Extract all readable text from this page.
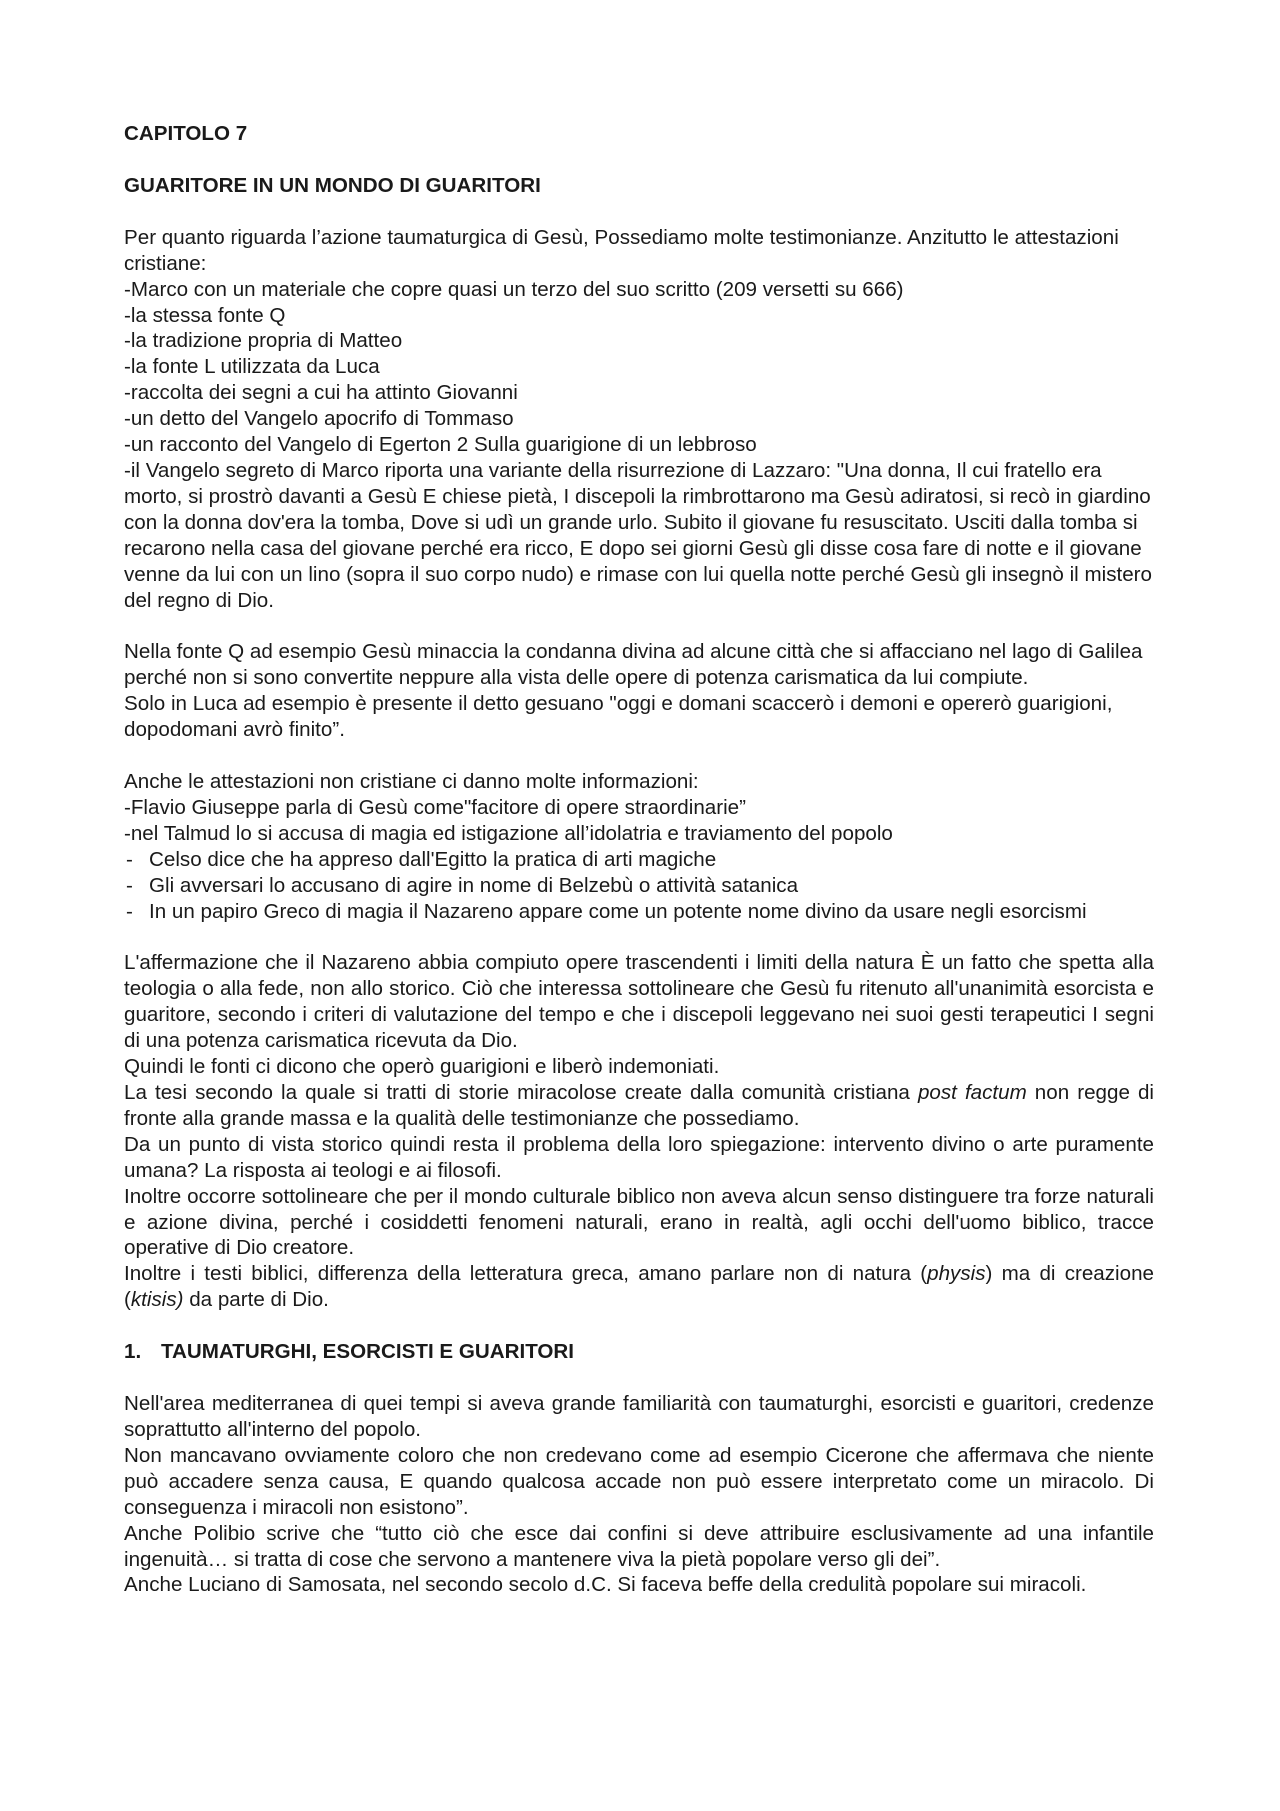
CAPITOLO 7

GUARITORE IN UN MONDO DI GUARITORI

Per quanto riguarda l’azione taumaturgica di Gesù, Possediamo molte testimonianze. Anzitutto le attestazioni cristiane:

-Marco con un materiale che copre quasi un terzo del suo scritto (209 versetti su 666)

-la stessa fonte Q

-la tradizione propria di Matteo

-la fonte L utilizzata da Luca

-raccolta dei segni a cui ha attinto Giovanni

-un detto del Vangelo apocrifo di Tommaso

-un racconto del Vangelo di Egerton 2 Sulla guarigione di un lebbroso

-il Vangelo segreto di Marco riporta una variante della risurrezione di Lazzaro: "Una donna, Il cui fratello era morto, si prostrò davanti a Gesù E chiese pietà, I discepoli la rimbrottarono ma Gesù adiratosi, si recò in giardino con la donna dov'era la tomba, Dove si udì un grande urlo. Subito il giovane fu resuscitato. Usciti dalla tomba si recarono nella casa del giovane perché era ricco, E dopo sei giorni Gesù gli disse cosa fare di notte e il giovane venne da lui con un lino (sopra il suo corpo nudo) e rimase con lui quella notte perché Gesù gli insegnò il mistero del regno di Dio.

Nella fonte Q ad esempio Gesù minaccia la condanna divina ad alcune città che si affacciano nel lago di Galilea perché non si sono convertite neppure alla vista delle opere di potenza carismatica da lui compiute.

Solo in Luca ad esempio è presente il detto gesuano "oggi e domani scaccerò i demoni e opererò guarigioni, dopodomani avrò finito”.

Anche le attestazioni non cristiane ci danno molte informazioni:

-Flavio Giuseppe parla di Gesù come"facitore di opere straordinarie”

-nel Talmud lo si accusa di magia ed istigazione all’idolatria e traviamento del popolo

- Celso dice che ha appreso dall'Egitto la pratica di arti magiche
- Gli avversari lo accusano di agire in nome di Belzebù o attività satanica
- In un papiro Greco di magia il Nazareno appare come un potente nome divino da usare negli esorcismi

L'affermazione che il Nazareno abbia compiuto opere trascendenti i limiti della natura È un fatto che spetta alla teologia o alla fede, non allo storico. Ciò che interessa sottolineare che Gesù fu ritenuto all'unanimità esorcista e guaritore, secondo i criteri di valutazione del tempo e che i discepoli leggevano nei suoi gesti terapeutici I segni di una potenza carismatica ricevuta da Dio.

Quindi le fonti ci dicono che operò guarigioni e liberò indemoniati.

La tesi secondo la quale si tratti di storie miracolose create dalla comunità cristiana post factum non regge di fronte alla grande massa e la qualità delle testimonianze che possediamo.

Da un punto di vista storico quindi resta il problema della loro spiegazione: intervento divino o arte puramente umana? La risposta ai teologi e ai filosofi.

Inoltre occorre sottolineare che per il mondo culturale biblico non aveva alcun senso distinguere tra forze naturali e azione divina, perché i cosiddetti fenomeni naturali, erano in realtà, agli occhi dell'uomo biblico, tracce operative di Dio creatore.

Inoltre i testi biblici, differenza della letteratura greca, amano parlare non di natura (physis) ma di creazione (ktisis) da parte di Dio.

1. TAUMATURGHI, ESORCISTI E GUARITORI

Nell'area mediterranea di quei tempi si aveva grande familiarità con taumaturghi, esorcisti e guaritori, credenze soprattutto all'interno del popolo.

Non mancavano ovviamente coloro che non credevano come ad esempio Cicerone che affermava che niente può accadere senza causa, E quando qualcosa accade non può essere interpretato come un miracolo. Di conseguenza i miracoli non esistono”.

Anche Polibio scrive che “tutto ciò che esce dai confini si deve attribuire esclusivamente ad una infantile ingenuità… si tratta di cose che servono a mantenere viva la pietà popolare verso gli dei”.

Anche Luciano di Samosata, nel secondo secolo d.C. Si faceva beffe della credulità popolare sui miracoli.
